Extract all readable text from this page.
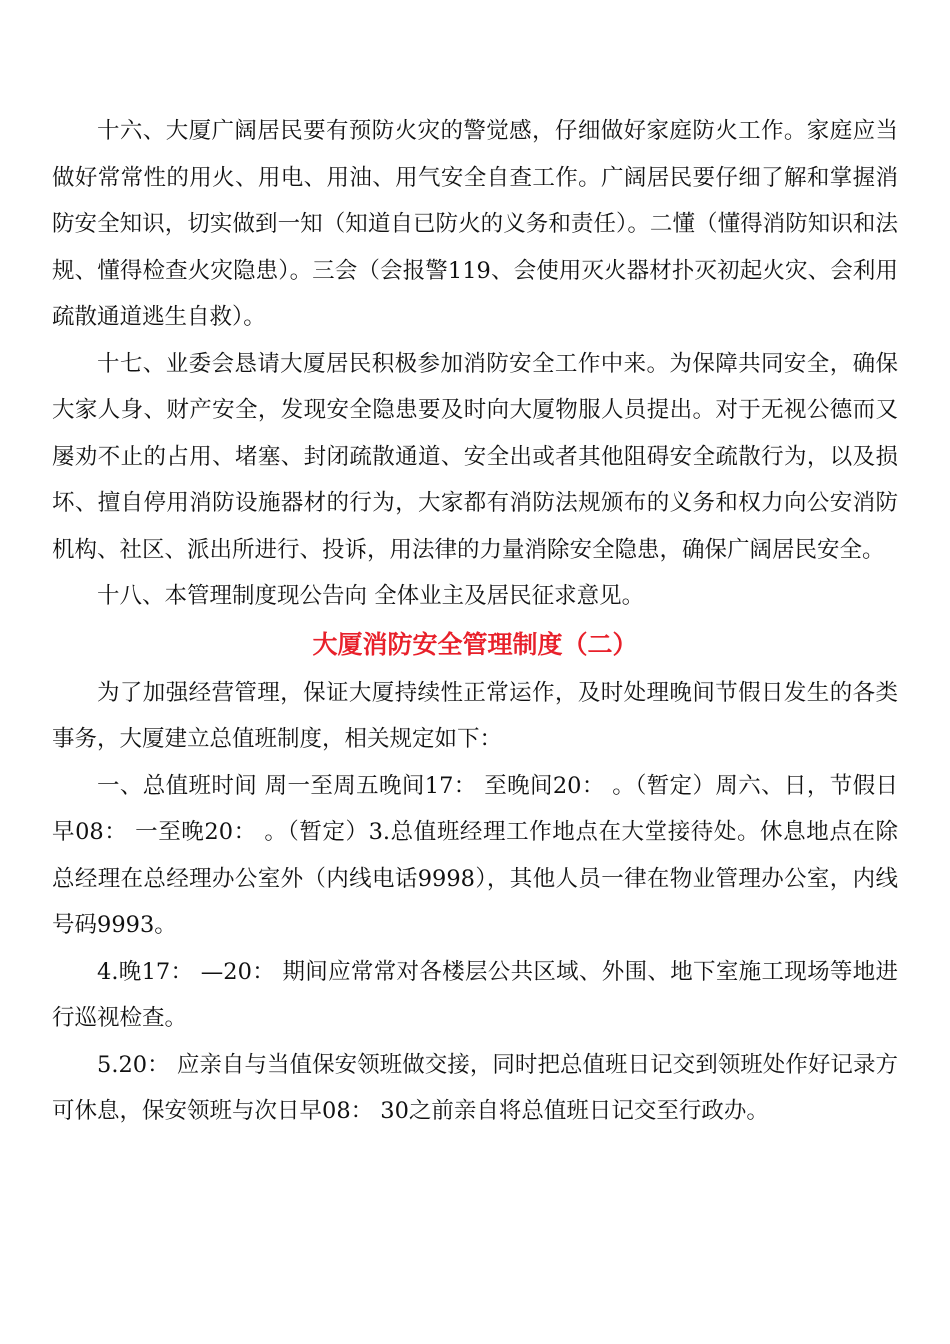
十六、大厦广阔居民要有预防火灾的警觉感，仔细做好家庭防火工作。家庭应当做好常常性的用火、用电、用油、用气安全自查工作。广阔居民要仔细了解和掌握消防安全知识，切实做到一知（知道自已防火的义务和责任）。二懂（懂得消防知识和法规、懂得检查火灾隐患）。三会（会报警119、会使用灭火器材扑灭初起火灾、会利用疏散通道逃生自救）。

十七、业委会恳请大厦居民积极参加消防安全工作中来。为保障共同安全，确保大家人身、财产安全，发现安全隐患要及时向大厦物服人员提出。对于无视公德而又屡劝不止的占用、堵塞、封闭疏散通道、安全出或者其他阻碍安全疏散行为，以及损坏、擅自停用消防设施器材的行为，大家都有消防法规颁布的义务和权力向公安消防机构、社区、派出所进行、投诉，用法律的力量消除安全隐患，确保广阔居民安全。

十八、本管理制度现公告向 全体业主及居民征求意见。

大厦消防安全管理制度（二）

为了加强经营管理，保证大厦持续性正常运作，及时处理晚间节假日发生的各类事务，大厦建立总值班制度，相关规定如下：

一、总值班时间 周一至周五晚间17： 至晚间20： 。（暂定）周六、日，节假日早08： 一至晚20： 。（暂定）3.总值班经理工作地点在大堂接待处。休息地点在除总经理在总经理办公室外（内线电话9998），其他人员一律在物业管理办公室，内线 号码9993。

4.晚17： —20： 期间应常常对各楼层公共区域、外围、地下室施工现场等地进行巡视检查。

5.20： 应亲自与当值保安领班做交接，同时把总值班日记交到领班处作好记录方可休息，保安领班与次日早08： 30之前亲自将总值班日记交至行政办。
